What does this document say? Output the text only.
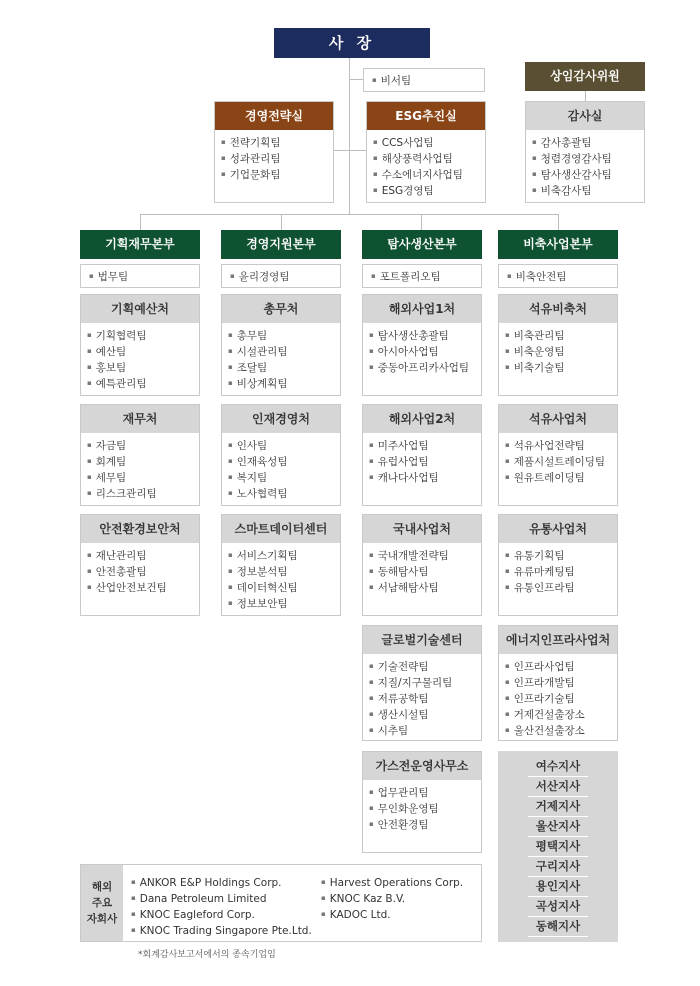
사 장
▪ 비서팀	상임감사위원
경영전략실
▪ 전략기획팀
▪ 성과관리팀
▪ 기업문화팀
ESG추진실
▪ CCS사업팀
▪ 해상풍력사업팀
▪ 수소에너지사업팀
▪ ESG경영팀
감사실
▪ 감사총괄팀
▪ 청렴경영감사팀
▪ 탐사생산감사팀
▪ 비축감사팀
기획재무본부	경영지원본부	탐사생산본부	비축사업본부
▪ 법무팀	▪ 윤리경영팀	▪ 포트폴리오팀	▪ 비축안전팀
기획예산처
▪ 기획협력팀
▪ 예산팀
▪ 홍보팀
▪ 예특관리팀
재무처
▪ 자금팀
▪ 회계팀
▪ 세무팀
▪ 리스크관리팀
안전환경보안처
▪ 재난관리팀
▪ 안전총괄팀
▪ 산업안전보건팀
총무처
▪ 총무팀
▪ 시설관리팀
▪ 조달팀
▪ 비상계획팀
인재경영처
▪ 인사팀
▪ 인재육성팀
▪ 복지팀
▪ 노사협력팀
스마트데이터센터
▪ 서비스기획팀
▪ 정보분석팀
▪ 데이터혁신팀
▪ 정보보안팀
해외사업1처
▪ 탐사생산총괄팀
▪ 아시아사업팀
▪ 중동아프리카사업팀
해외사업2처
▪ 미주사업팀
▪ 유럽사업팀
▪ 캐나다사업팀
국내사업처
▪ 국내개발전략팀
▪ 동해탐사팀
▪ 서남해탐사팀
글로벌기술센터
▪ 기술전략팀
▪ 지질/지구물리팀
▪ 저류공학팀
▪ 생산시설팀
▪ 시추팀
가스전운영사무소
▪ 업무관리팀
▪ 무인화운영팀
▪ 안전환경팀
석유비축처
▪ 비축관리팀
▪ 비축운영팀
▪ 비축기술팀
석유사업처
▪ 석유사업전략팀
▪ 제품시설트레이딩팀
▪ 원유트레이딩팀
유통사업처
▪ 유통기획팀
▪ 유류마케팅팀
▪ 유통인프라팀
에너지인프라사업처
▪ 인프라사업팀
▪ 인프라개발팀
▪ 인프라기술팀
▪ 거제건설출장소
▪ 울산건설출장소
여수지사
서산지사
거제지사
울산지사
평택지사
구리지사
용인지사
곡성지사
동해지사
해외
주요
자회사
▪ ANKOR E&P Holdings Corp.
▪ Dana Petroleum Limited
▪ KNOC Eagleford Corp.
▪ KNOC Trading Singapore Pte.Ltd.
▪ Harvest Operations Corp.
▪ KNOC Kaz B.V.
▪ KADOC Ltd.
*회계감사보고서에서의 종속기업임
